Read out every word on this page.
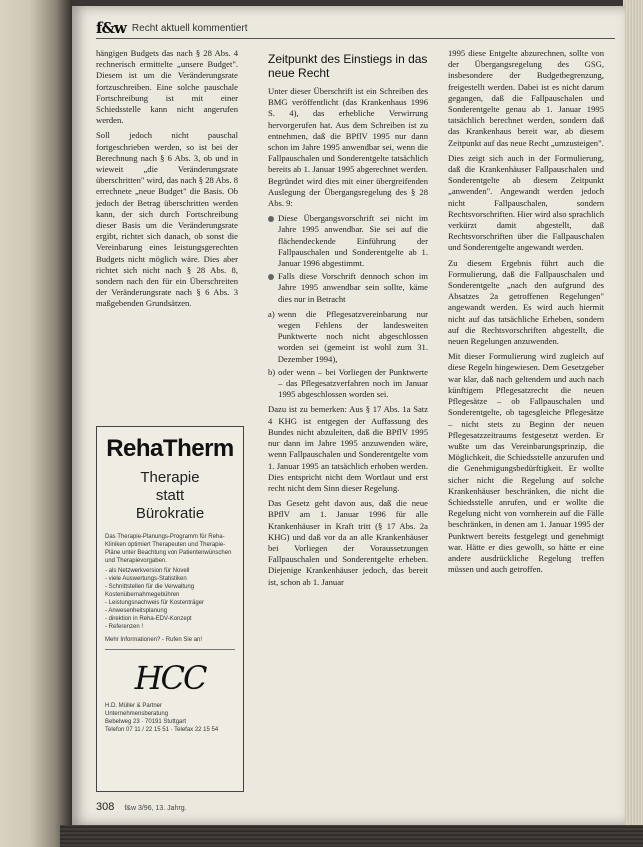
f&w Recht aktuell kommentiert

hängigen Budgets das nach § 28 Abs. 4 rechnerisch ermittelte „unsere Budget". Diesem ist um die Veränderungsrate fortzuschreiben. Eine solche pauschale Fortschreibung ist mit einer Schiedsstelle kann nicht angerufen werden.

Soll jedoch nicht pauschal fortgeschrieben werden, so ist bei der Berechnung nach § 6 Abs. 3, ob und in wieweit „die Veränderungsrate überschritten" wird, das nach § 28 Abs. 8 errechnete „neue Budget" die Basis. Ob jedoch der Betrag überschritten werden kann, der sich durch Fortschreibung dieser Basis um die Veränderungsrate ergibt, richtet sich danach, ob sonst die Vereinbarung eines leistungsgerechten Budgets nicht möglich wäre. Dies aber richtet sich nicht nach § 28 Abs. 8, sondern nach den für ein Überschreiten der Veränderungsrate nach § 6 Abs. 3 maßgebenden Grundsätzen.

RehaTherm
Therapie
statt
Bürokratie
Das Therapie-Planungs-Programm für Reha-Kliniken optimiert Therapeuten und Therapie-Pläne unter Beachtung von Patientenwünschen und Therapievorgaben.
- als Netzwerkversion für Novell
- viele Auswertungs-Statistiken
- Schnittstellen für die Verwaltung
Kostenübernahmegebühren
- Leistungsnachweis für Kostenträger
- Anwesenheitsplanung
- direktion in Reha-EDV-Konzept
- Referenzen !
Mehr Informationen? - Rufen Sie an!
HCC
H.D. Müller & Partner
Unternehmensberatung
Bebelweg 23 · 70191 Stuttgart
Telefon 07 11 / 22 15 51 · Telefax 22 15 54
Zeitpunkt des Einstiegs in das neue Recht

Unter dieser Überschrift ist ein Schreiben des BMG veröffentlicht (das Krankenhaus 1996 S. 4), das erhebliche Verwirrung hervorgerufen hat. Aus dem Schreiben ist zu entnehmen, daß die BPflV 1995 nur dann schon im Jahre 1995 anwendbar sei, wenn die Fallpauschalen und Sonderentgelte tatsächlich bereits ab 1. Januar 1995 abgerechnet werden. Begründet wird dies mit einer übergreifenden Auslegung der Übergangsregelung des § 28 Abs. 9:

Diese Übergangsvorschrift sei nicht im Jahre 1995 anwendbar. Sie sei auf die flächendeckende Einführung der Fallpauschalen und Sonderentgelte ab 1. Januar 1996 abgestimmt.
Falls diese Vorschrift dennoch schon im Jahre 1995 anwendbar sein sollte, käme dies nur in Betracht
a) wenn die Pflegesatzvereinbarung nur wegen Fehlens der landesweiten Punktwerte noch nicht abgeschlossen worden sei (gemeint ist wohl zum 31. Dezember 1994),
b) oder wenn – bei Vorliegen der Punktwerte – das Pflegesatzverfahren noch im Januar 1995 abgeschlossen worden sei.

Dazu ist zu bemerken: Aus § 17 Abs. 1a Satz 4 KHG ist entgegen der Auffassung des Bundes nicht abzuleiten, daß die BPflV 1995 nur dann im Jahre 1995 anzuwenden wäre, wenn Fallpauschalen und Sonderentgelte vom 1. Januar 1995 an tatsächlich erhoben werden. Dies entspricht nicht dem Wortlaut und erst recht nicht dem Sinn dieser Regelung.

Das Gesetz geht davon aus, daß die neue BPflV am 1. Januar 1996 für alle Krankenhäuser in Kraft tritt (§ 17 Abs. 2a KHG) und daß vor da an alle Krankenhäuser bei Vorliegen der Voraussetzungen Fallpauschalen und Sonderentgelte erheben. Diejenige Krankenhäuser jedoch, das bereit ist, schon ab 1. Januar

1995 diese Entgelte abzurechnen, sollte von der Übergangsregelung des GSG, insbesondere der Budgetbegrenzung, freigestellt werden. Dabei ist es nicht darum gegangen, daß die Fallpauschalen und Sonderentgelte genau ab 1. Januar 1995 tatsächlich berechnet werden, sondern daß das Krankenhaus bereit war, ab diesem Zeitpunkt auf das neue Recht „umzusteigen".

Dies zeigt sich auch in der Formulierung, daß die Krankenhäuser Fallpauschalen und Sonderentgelte ab diesem Zeitpunkt „anwenden". Angewandt werden jedoch nicht Fallpauschalen, sondern Rechtsvorschriften. Hier wird also sprachlich verkürzt damit abgestellt, daß Rechtsvorschriften über die Fallpauschalen und Sonderentgelte angewandt werden.

Zu diesem Ergebnis führt auch die Formulierung, daß die Fallpauschalen und Sonderentgelte „nach den aufgrund des Absatzes 2a getroffenen Regelungen" angewandt werden. Es wird auch hiermit nicht auf das tatsächliche Erheben, sondern auf die Rechtsvorschriften abgestellt, die neuen Regelungen anzuwenden.

Mit dieser Formulierung wird zugleich auf diese Regeln hingewiesen. Dem Gesetzgeber war klar, daß nach geltendem und auch nach künftigem Pflegesatzrecht die neuen Pflegesätze – ob Fallpauschalen und Sonderentgelte, ob tagesgleiche Pflegesätze – nicht stets zu Beginn der neuen Pflegesatzzeitraums festgesetzt werden. Er wußte um das Vereinbarungsprinzip, die Möglichkeit, die Schiedsstelle anzurufen und die Genehmigungsbedürftigkeit. Er wollte sicher nicht die Regelung auf solche Krankenhäuser beschränken, die nicht die Schiedsstelle anrufen, und er wollte die Regelung nicht von vornherein auf die Fälle beschränken, in denen am 1. Januar 1995 der Punktwert bereits festgelegt und genehmigt war. Hätte er dies gewollt, so hätte er eine andere ausdrückliche Regelung treffen müssen und auch getroffen.

308 f&w 3/96, 13. Jahrg.
